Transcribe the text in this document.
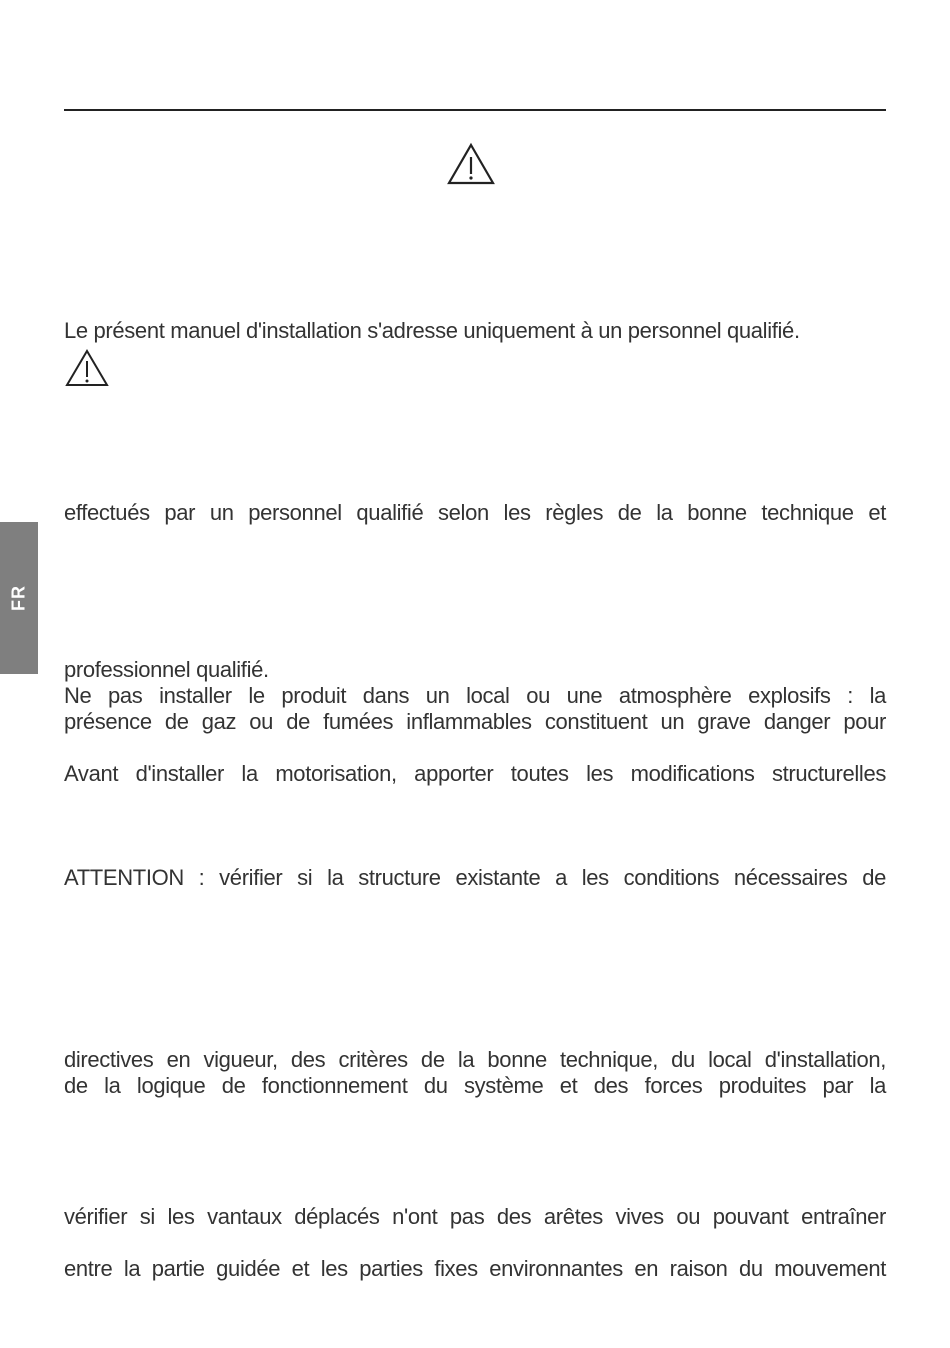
FR
Le présent manuel d'installation s'adresse uniquement à un personnel qualifié.
effectués par un personnel qualifié selon les règles de la bonne technique et
professionnel qualifié.
Ne pas installer le produit dans un local ou une atmosphère explosifs : la
présence de gaz ou de fumées inflammables constituent un grave danger pour
Avant d'installer la motorisation, apporter toutes les modifications structurelles
ATTENTION : vérifier si la structure existante a les conditions nécessaires de
directives en vigueur, des critères de la bonne technique, du local d'installation,
de la logique de fonctionnement du système et des forces produites par la
vérifier si les vantaux déplacés n'ont pas des arêtes vives ou pouvant entraîner
entre la partie guidée et les parties fixes environnantes en raison du mouvement
